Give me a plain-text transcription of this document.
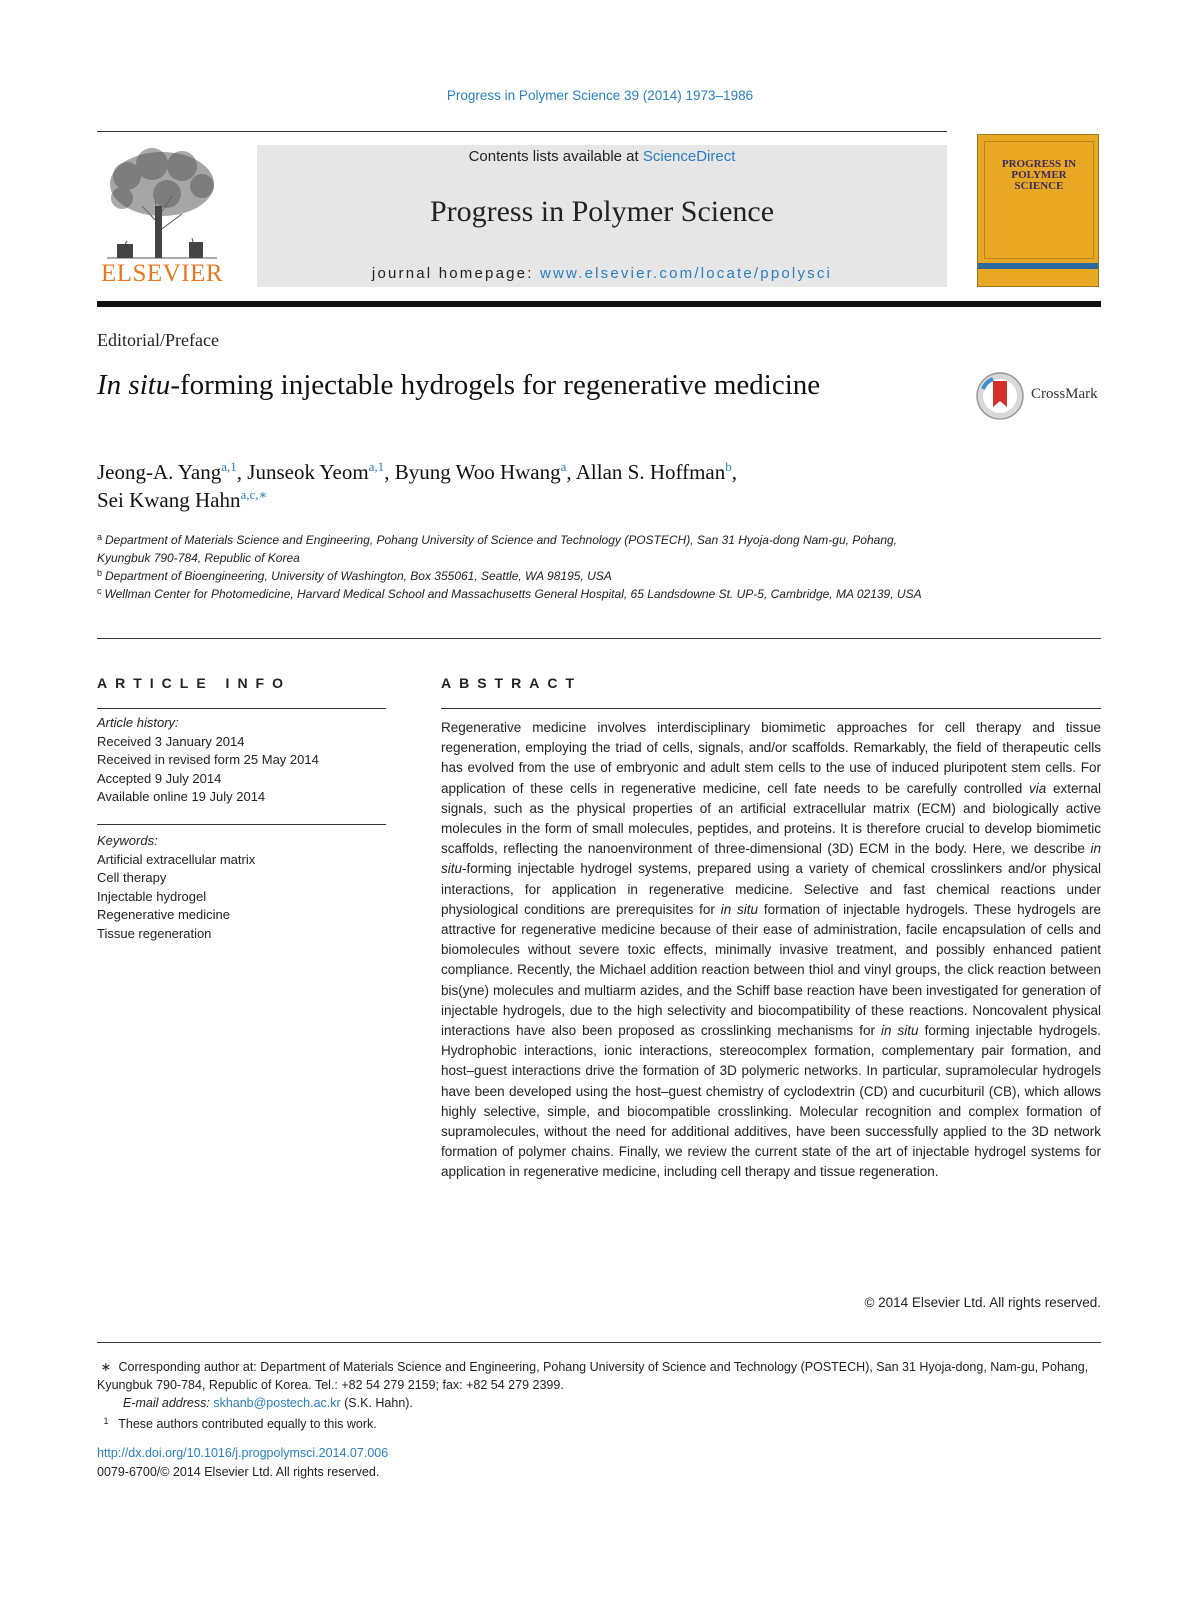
Progress in Polymer Science 39 (2014) 1973–1986
ELSEVIER
Contents lists available at ScienceDirect
Progress in Polymer Science
journal homepage: www.elsevier.com/locate/ppolysci
PROGRESS IN POLYMER SCIENCE
Editorial/Preface
In situ-forming injectable hydrogels for regenerative medicine	CrossMark
Jeong-A. Yang$^{a,1}$, Junseok Yeom$^{a,1}$, Byung Woo Hwang$^a$, Allan S. Hoffman$^b$,
Sei Kwang Hahn$^{a,c,∗}$
$^a$ Department of Materials Science and Engineering, Pohang University of Science and Technology (POSTECH), San 31 Hyoja-dong Nam-gu, Pohang, Kyungbuk 790-784, Republic of Korea
$^b$ Department of Bioengineering, University of Washington, Box 355061, Seattle, WA 98195, USA
$^c$ Wellman Center for Photomedicine, Harvard Medical School and Massachusetts General Hospital, 65 Landsdowne St. UP-5, Cambridge, MA 02139, USA
ARTICLE INFO
Article history:
Received 3 January 2014
Received in revised form 25 May 2014
Accepted 9 July 2014
Available online 19 July 2014
Keywords:
Artificial extracellular matrix
Cell therapy
Injectable hydrogel
Regenerative medicine
Tissue regeneration
ABSTRACT

Regenerative medicine involves interdisciplinary biomimetic approaches for cell therapy and tissue regeneration, employing the triad of cells, signals, and/or scaffolds. Remarkably, the field of therapeutic cells has evolved from the use of embryonic and adult stem cells to the use of induced pluripotent stem cells. For application of these cells in regenerative medicine, cell fate needs to be carefully controlled via external signals, such as the physical properties of an artificial extracellular matrix (ECM) and biologically active molecules in the form of small molecules, peptides, and proteins. It is therefore crucial to develop biomimetic scaffolds, reflecting the nanoenvironment of three-dimensional (3D) ECM in the body. Here, we describe in situ-forming injectable hydrogel systems, prepared using a variety of chemical crosslinkers and/or physical interactions, for application in regenerative medicine. Selective and fast chemical reactions under physiological conditions are prerequisites for in situ formation of injectable hydrogels. These hydrogels are attractive for regenerative medicine because of their ease of administration, facile encapsulation of cells and biomolecules without severe toxic effects, minimally invasive treatment, and possibly enhanced patient compliance. Recently, the Michael addition reaction between thiol and vinyl groups, the click reaction between bis(yne) molecules and multiarm azides, and the Schiff base reaction have been investigated for generation of injectable hydrogels, due to the high selectivity and biocompatibility of these reactions. Noncovalent physical interactions have also been proposed as crosslinking mechanisms for in situ forming injectable hydrogels. Hydrophobic interactions, ionic interactions, stereocomplex formation, complementary pair formation, and host–guest interactions drive the formation of 3D polymeric networks. In particular, supramolecular hydrogels have been developed using the host–guest chemistry of cyclodextrin (CD) and cucurbituril (CB), which allows highly selective, simple, and biocompatible crosslinking. Molecular recognition and complex formation of supramolecules, without the need for additional additives, have been successfully applied to the 3D network formation of polymer chains. Finally, we review the current state of the art of injectable hydrogel systems for application in regenerative medicine, including cell therapy and tissue regeneration.

© 2014 Elsevier Ltd. All rights reserved.

∗ Corresponding author at: Department of Materials Science and Engineering, Pohang University of Science and Technology (POSTECH), San 31 Hyoja-dong, Nam-gu, Pohang, Kyungbuk 790-784, Republic of Korea. Tel.: +82 54 279 2159; fax: +82 54 279 2399.

E-mail address: skhanb@postech.ac.kr (S.K. Hahn).

1 These authors contributed equally to this work.

http://dx.doi.org/10.1016/j.progpolymsci.2014.07.006
0079-6700/© 2014 Elsevier Ltd. All rights reserved.
